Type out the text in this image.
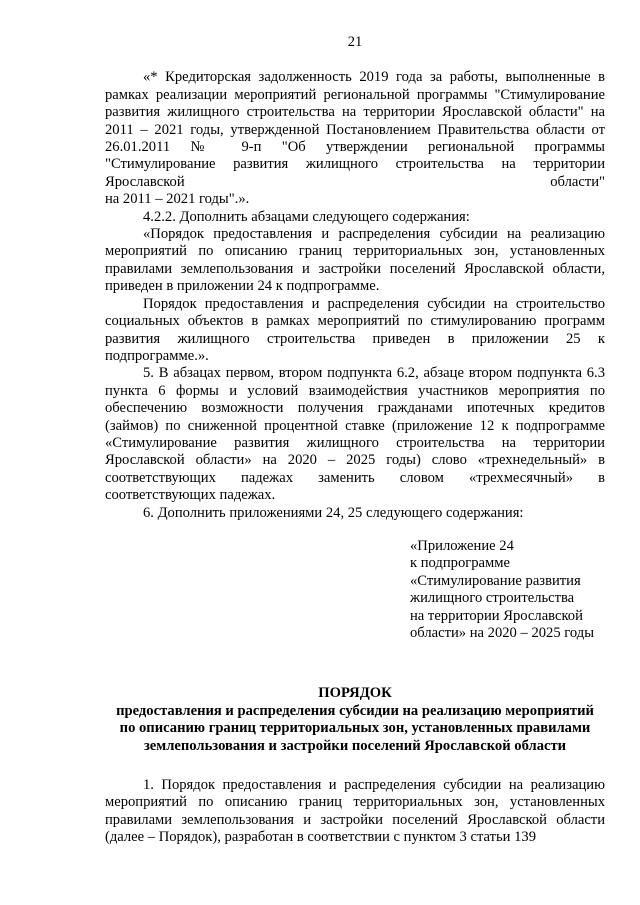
21
«* Кредиторская задолженность 2019 года за работы, выполненные в
рамках реализации мероприятий региональной программы "Стимулирование
развития жилищного строительства на территории Ярославской области" на
2011 – 2021 годы, утвержденной Постановлением Правительства области от
26.01.2011 № 9-п "Об утверждении региональной программы
"Стимулирование развития жилищного строительства на территории
Ярославской области"
на 2011 – 2021 годы".».

4.2.2. Дополнить абзацами следующего содержания:

«Порядок предоставления и распределения субсидии на реализацию мероприятий по описанию границ территориальных зон, установленных правилами землепользования и застройки поселений Ярославской области, приведен в приложении 24 к подпрограмме.

Порядок предоставления и распределения субсидии на строительство социальных объектов в рамках мероприятий по стимулированию программ развития жилищного строительства приведен в приложении 25 к подпрограмме.».

5. В абзацах первом, втором подпункта 6.2, абзаце втором подпункта 6.3 пункта 6 формы и условий взаимодействия участников мероприятия по обеспечению возможности получения гражданами ипотечных кредитов (займов) по сниженной процентной ставке (приложение 12 к подпрограмме «Стимулирование развития жилищного строительства на территории Ярославской области» на 2020 – 2025 годы) слово «трехнедельный» в соответствующих падежах заменить словом «трехмесячный» в соответствующих падежах.

6. Дополнить приложениями 24, 25 следующего содержания:

«Приложение 24
к подпрограмме
«Стимулирование развития
жилищного строительства
на территории Ярославской
области» на 2020 – 2025 годы
ПОРЯДОК
предоставления и распределения субсидии на реализацию мероприятий
по описанию границ территориальных зон, установленных правилами
землепользования и застройки поселений Ярославской области

1. Порядок предоставления и распределения субсидии на реализацию мероприятий по описанию границ территориальных зон, установленных правилами землепользования и застройки поселений Ярославской области (далее – Порядок), разработан в соответствии с пунктом 3 статьи 139
